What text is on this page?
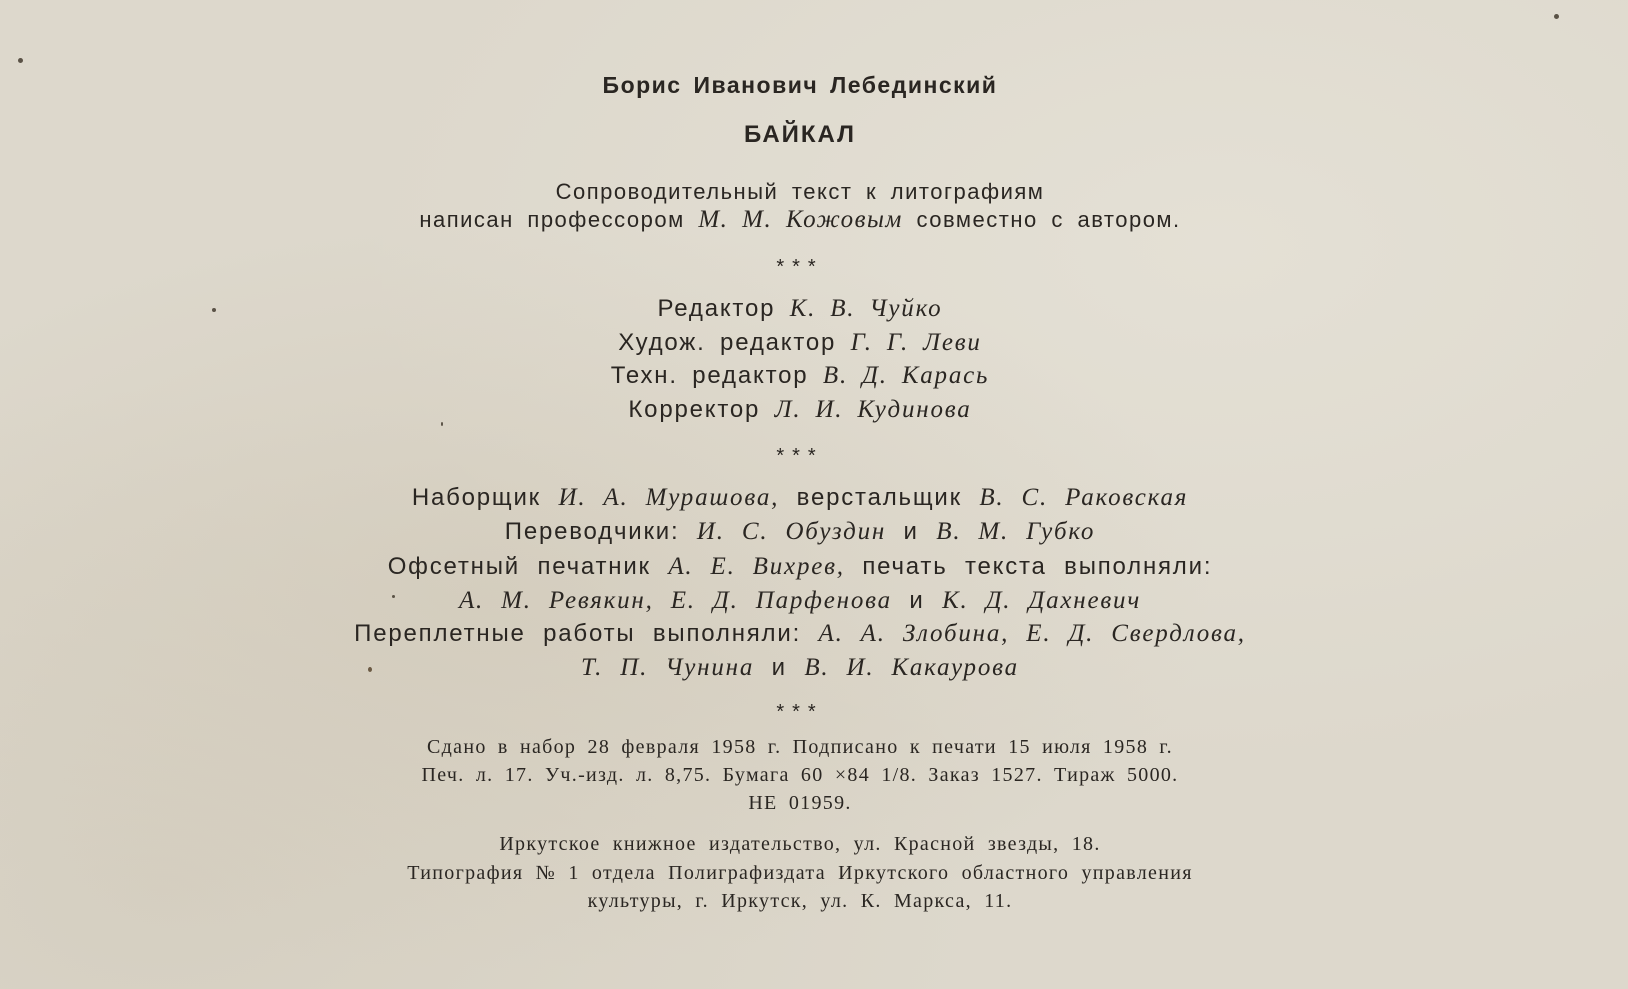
Борис Иванович Лебединский
БАЙКАЛ
Сопроводительный текст к литографиям
написан профессором М. М. Кожовым совместно с автором.
***
Редактор К. В. Чуйко
Худож. редактор Г. Г. Леви
Техн. редактор В. Д. Карась
Корректор Л. И. Кудинова
***
Наборщик И. А. Мурашова, верстальщик В. С. Раковская
Переводчики: И. С. Обуздин и В. М. Губко
Офсетный печатник А. Е. Вихрев, печать текста выполняли:
А. М. Ревякин, Е. Д. Парфенова и К. Д. Дахневич
Переплетные работы выполняли: А. А. Злобина, Е. Д. Свердлова,
Т. П. Чунина и В. И. Какаурова
***
Сдано в набор 28 февраля 1958 г. Подписано к печати 15 июля 1958 г.
Печ. л. 17. Уч.-изд. л. 8,75. Бумага 60 ×84 1/8. Заказ 1527. Тираж 5000.
НЕ 01959.
Иркутское книжное издательство, ул. Красной звезды, 18.
Типография № 1 отдела Полиграфиздата Иркутского областного управления
культуры, г. Иркутск, ул. К. Маркса, 11.
